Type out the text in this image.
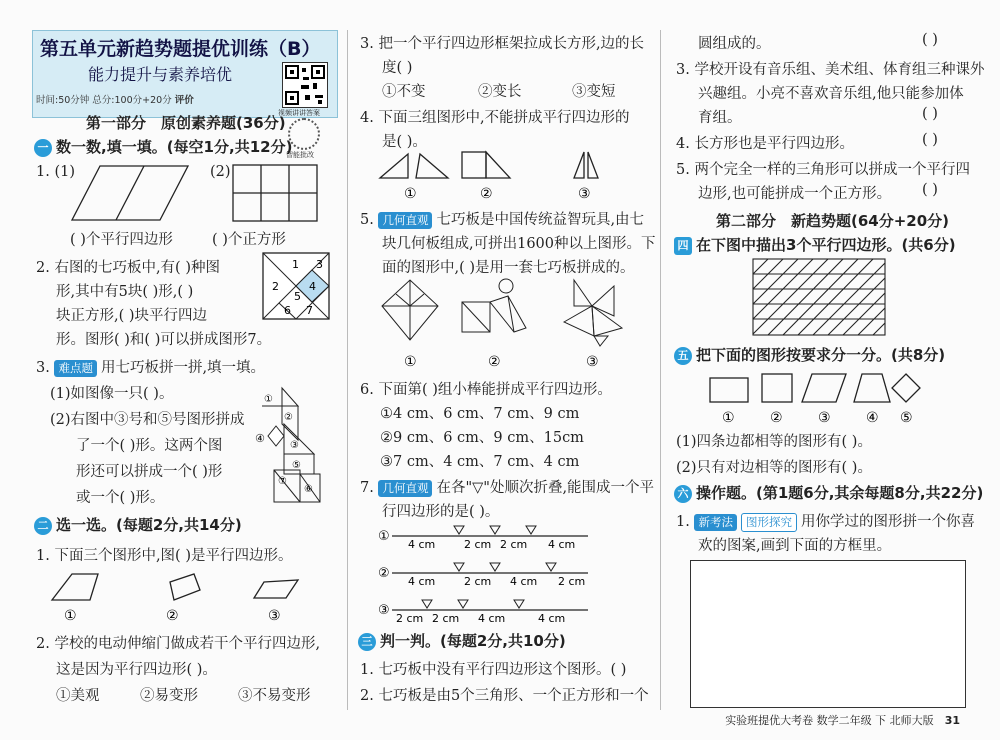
第五单元新趋势题提优训练（B）
能力提升与素养培优
时间:50分钟 总分:100分+20分 评价
视频讲讲答案
智能批改
第一部分　原创素养题(36分)
一 数一数,填一填。(每空1分,共12分)
1. (1)	(2)
( )个平行四边形	( )个正方形
2. 右图的七巧板中,有( )种图
形,其中有5块( )形,( )
块正方形,( )块平行四边
形。图形( )和( )可以拼成图形7。
1
2
3
4
5
6 7
3. 难点题 用七巧板拼一拼,填一填。
(1)如图像一只( )。
(2)右图中③号和⑤号图形拼成
了一个( )形。这两个图
形还可以拼成一个( )形
或一个( )形。
①
②
④
③
⑤
⑦
⑥
二 选一选。(每题2分,共14分)
1. 下面三个图形中,图( )是平行四边形。
①	②	③
2. 学校的电动伸缩门做成若干个平行四边形,
这是因为平行四边形( )。
①美观	②易变形	③不易变形
3. 把一个平行四边形框架拉成长方形,边的长
度( )
①不变	②变长	③变短
4. 下面三组图形中,不能拼成平行四边形的
是( )。
①	②	③
5. 几何直观 七巧板是中国传统益智玩具,由七
块几何板组成,可拼出1600种以上图形。下
面的图形中,( )是用一套七巧板拼成的。
①	②	③
6. 下面第( )组小棒能拼成平行四边形。
①4 cm、6 cm、7 cm、9 cm
②9 cm、6 cm、9 cm、15cm
③7 cm、4 cm、7 cm、4 cm
7. 几何直观 在各"▽"处顺次折叠,能围成一个平
行四边形的是( )。
①
4 cm	2 cm 2 cm 4 cm
②
4 cm	2 cm 4 cm 2 cm
③
2 cm 2 cm 4 cm	4 cm
三 判一判。(每题2分,共10分)
1. 七巧板中没有平行四边形这个图形。( )
2. 七巧板是由5个三角形、一个正方形和一个
圆组成的。	( )
3. 学校开设有音乐组、美术组、体育组三种课外
兴趣组。小亮不喜欢音乐组,他只能参加体
育组。	( )
4. 长方形也是平行四边形。	( )
5. 两个完全一样的三角形可以拼成一个平行四
边形,也可能拼成一个正方形。 ( )
第二部分　新趋势题(64分+20分)
四 在下图中描出3个平行四边形。(共6分)
五 把下面的图形按要求分一分。(共8分)
①	②	③	④ ⑤
(1)四条边都相等的图形有( )。
(2)只有对边相等的图形有( )。
六 操作题。(第1题6分,其余每题8分,共22分)
1. 新考法 图形探究 用你学过的图形拼一个你喜
欢的图案,画到下面的方框里。
实验班提优大考卷 数学二年级 下 北师大版　 31
